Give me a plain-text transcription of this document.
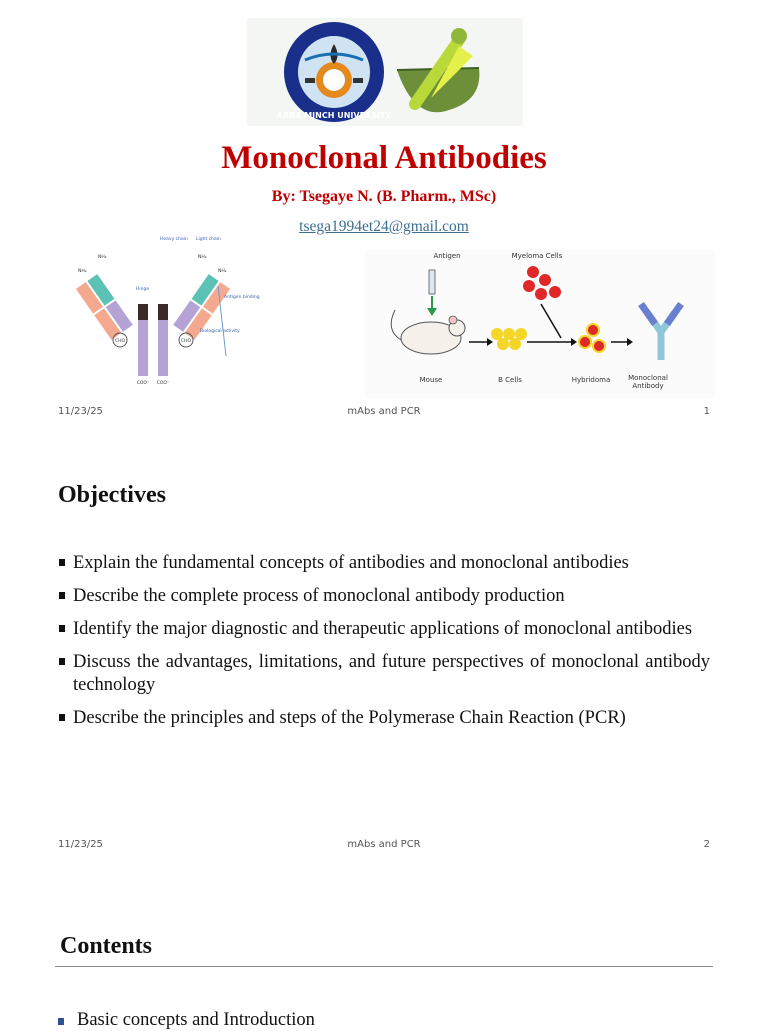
ARBA MINCH UNIVERSITY
Monoclonal Antibodies
By: Tsegaye N. (B. Pharm., MSc)
tsega1994et24@gmail.com
CHO	CHO
COO⁻ COO⁻
NH₂
NH₂	NH₂
NH₂
Heavy chain Light chain
Hinge
Antigen binding
Biological activity
Antigen	Myeloma Cells
Mouse	B Cells	Hybridoma	Monoclonal
Antibody
11/23/25	mAbs and PCR	1
Objectives
Explain the fundamental concepts of antibodies and monoclonal antibodies
Describe the complete process of monoclonal antibody production
Identify the major diagnostic and therapeutic applications of monoclonal antibodies
Discuss the advantages, limitations, and future perspectives of monoclonal antibody technology
Describe the principles and steps of the Polymerase Chain Reaction (PCR)
11/23/25	mAbs and PCR	2
Contents
Basic concepts and Introduction
